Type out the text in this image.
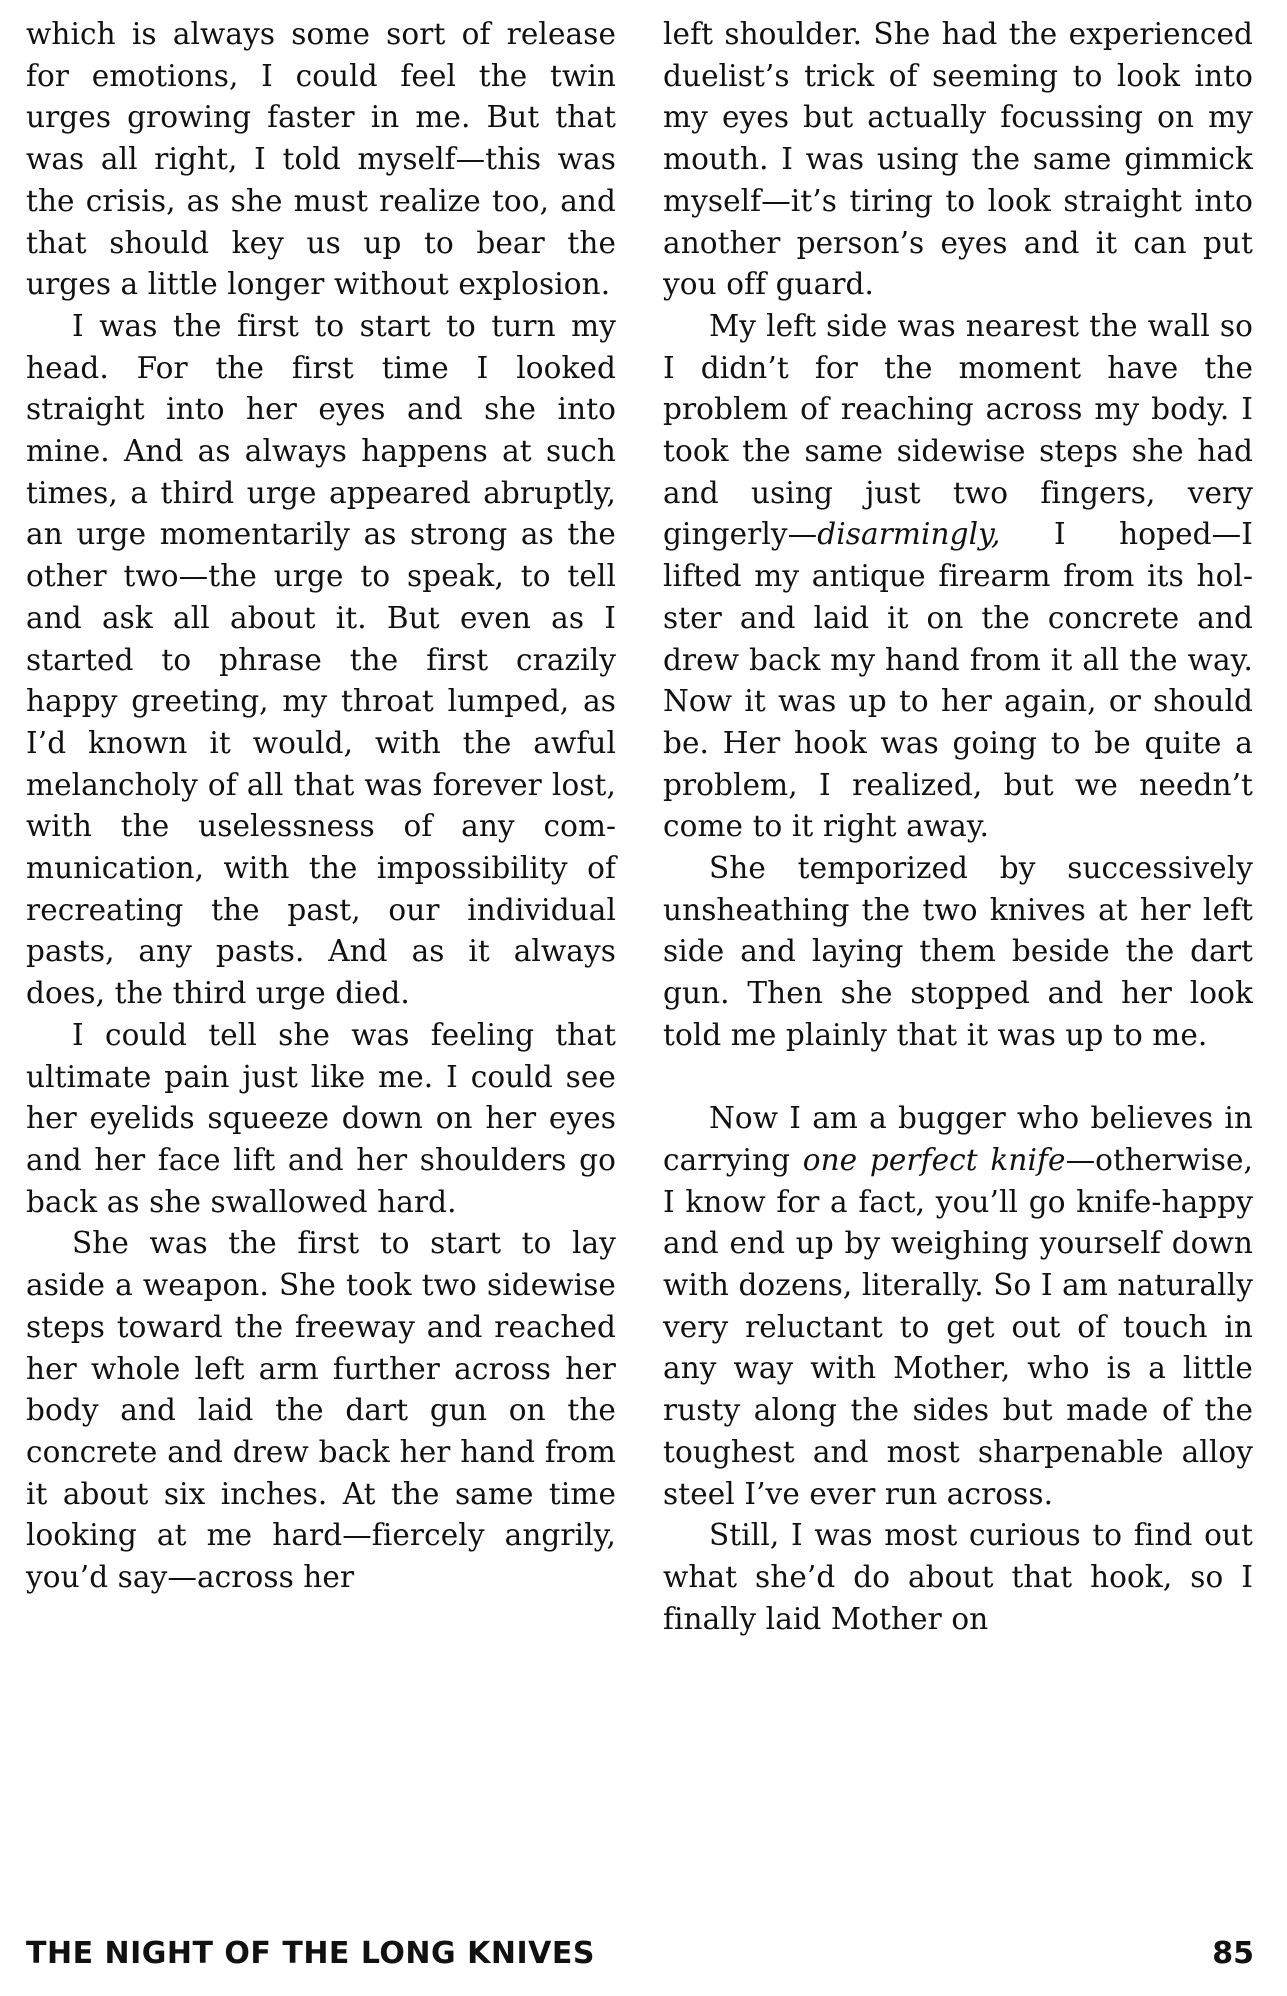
which is always some sort of release for emotions, I could feel the twin urges growing faster in me. But that was all right, I told myself—this was the crisis, as she must realize too, and that should key us up to bear the urges a little longer without explosion.

I was the first to start to turn my head. For the first time I looked straight into her eyes and she into mine. And as always happens at such times, a third urge appeared abruptly, an urge momentarily as strong as the other two—the urge to speak, to tell and ask all about it. But even as I started to phrase the first crazily happy greeting, my throat lumped, as I’d known it would, with the awful melancholy of all that was forever lost, with the uselessness of any communication, with the impossibility of recreating the past, our individual pasts, any pasts. And as it always does, the third urge died.

I could tell she was feeling that ultimate pain just like me. I could see her eyelids squeeze down on her eyes and her face lift and her shoulders go back as she swallowed hard.

She was the first to start to lay aside a weapon. She took two sidewise steps toward the freeway and reached her whole left arm further across her body and laid the dart gun on the concrete and drew back her hand from it about six inches. At the same time looking at me hard—fiercely angrily, you’d say—across her

left shoulder. She had the experienced duelist’s trick of seeming to look into my eyes but actually focussing on my mouth. I was using the same gimmick myself—it’s tiring to look straight into another person’s eyes and it can put you off guard.

My left side was nearest the wall so I didn’t for the moment have the problem of reaching across my body. I took the same sidewise steps she had and using just two fingers, very gingerly—disarmingly, I hoped—I lifted my antique firearm from its holster and laid it on the concrete and drew back my hand from it all the way. Now it was up to her again, or should be. Her hook was going to be quite a problem, I realized, but we needn’t come to it right away.

She temporized by successively unsheathing the two knives at her left side and laying them beside the dart gun. Then she stopped and her look told me plainly that it was up to me.

Now I am a bugger who believes in carrying one perfect knife—otherwise, I know for a fact, you’ll go knife-happy and end up by weighing yourself down with dozens, literally. So I am naturally very reluctant to get out of touch in any way with Mother, who is a little rusty along the sides but made of the toughest and most sharpenable alloy steel I’ve ever run across.

Still, I was most curious to find out what she’d do about that hook, so I finally laid Mother on

THE NIGHT OF THE LONG KNIVES	85
